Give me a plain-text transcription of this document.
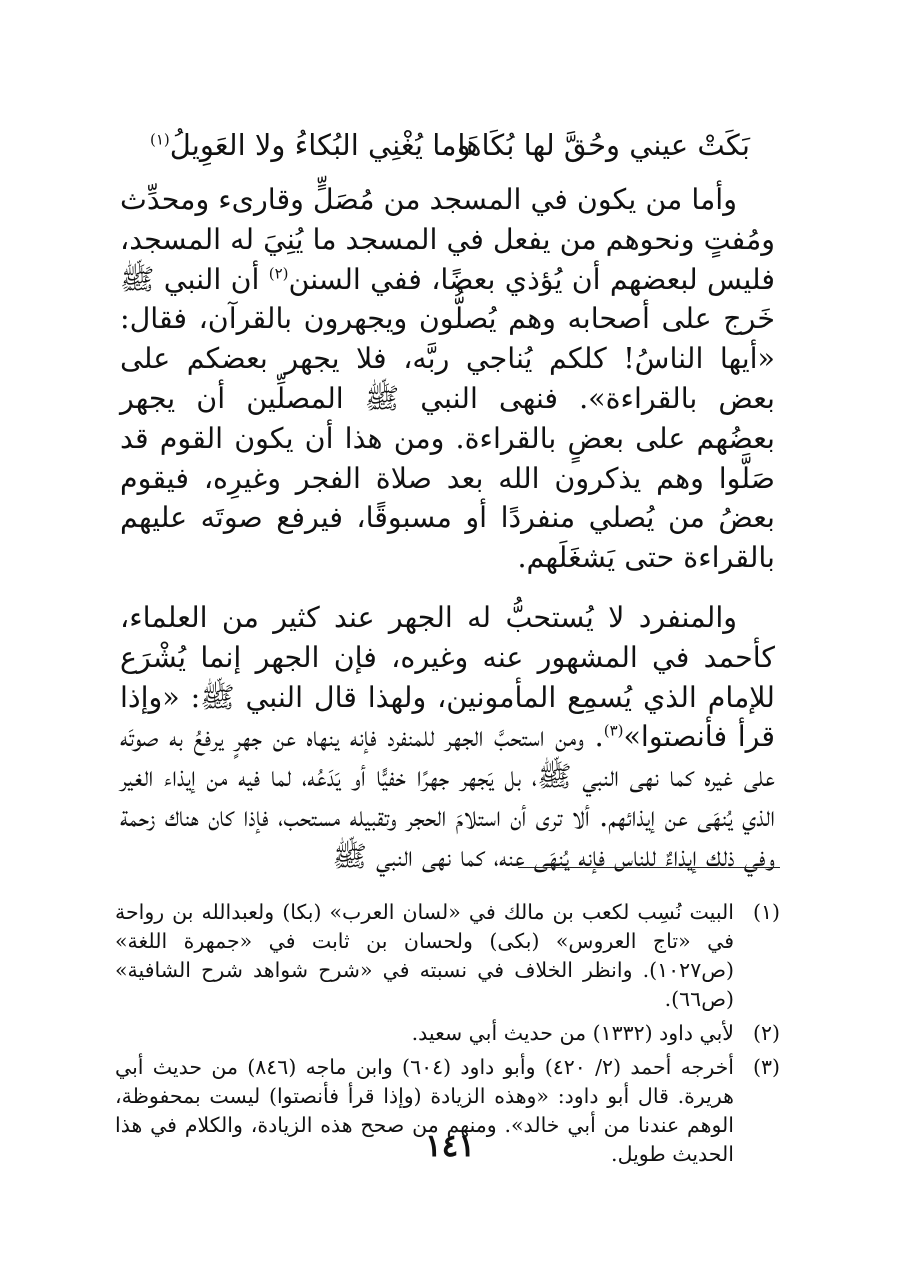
بَكَتْ عيني وحُقَّ لها بُكَاهَا
وما يُغْنِي البُكاءُ ولا العَوِيلُ$^{(١)}$

وأما من يكون في المسجد من مُصَلٍّ وقارىء ومحدِّث ومُفتٍ ونحوهم من يفعل في المسجد ما يُنِيَ له المسجد، فليس لبعضهم أن يُؤذي بعضًا، ففي السنن$^{(٢)}$ أن النبي ﷺ خَرج على أصحابه وهم يُصلُّون ويجهرون بالقرآن، فقال: «أيها الناسُ! كلكم يُناجي ربَّه، فلا يجهر بعضكم على بعض بالقراءة». فنهى النبي ﷺ المصلِّين أن يجهر بعضُهم على بعضٍ بالقراءة. ومن هذا أن يكون القوم قد صَلَّوا وهم يذكرون الله بعد صلاة الفجر وغيرِه، فيقوم بعضُ من يُصلي منفردًا أو مسبوقًا، فيرفع صوتَه عليهم بالقراءة حتى يَشغَلَهم.

والمنفرد لا يُستحبُّ له الجهر عند كثير من العلماء، كأحمد في المشهور عنه وغيره، فإن الجهر إنما يُشْرَع للإمام الذي يُسمِع المأمونين، ولهذا قال النبي ﷺ: «وإذا قرأ فأنصتوا»$^{(٣)}$. ومن استحبَّ الجهر للمنفرد فإنه ينهاه عن جهرٍ يرفعُ به صوتَه على غيره كما نهى النبي ﷺ، بل يَجهر جهرًا خفيًّا أو يَدَعُه، لما فيه من إيذاء الغير الذي يُنهَى عن إيذائهم. ألا ترى أن استلامَ الحجر وتقبيله مستحب، فإذا كان هناك زحمة وفي ذلك إيذاءٌ للناس فإنه يُنهَى عنه، كما نهى النبي ﷺ

(١)
البيت نُسِب لكعب بن مالك في «لسان العرب» (بكا) ولعبدالله بن رواحة في «تاج العروس» (بكى) ولحسان بن ثابت في «جمهرة اللغة» (ص١٠٢٧). وانظر الخلاف في نسبته في «شرح شواهد شرح الشافية» (ص٦٦).
(٢)
لأبي داود (١٣٣٢) من حديث أبي سعيد.
(٣)
أخرجه أحمد (٢/ ٤٢٠) وأبو داود (٦٠٤) وابن ماجه (٨٤٦) من حديث أبي هريرة. قال أبو داود: «وهذه الزيادة (وإذا قرأ فأنصتوا) ليست بمحفوظة، الوهم عندنا من أبي خالد». ومنهم من صحح هذه الزيادة، والكلام في هذا الحديث طويل.
١٤١
